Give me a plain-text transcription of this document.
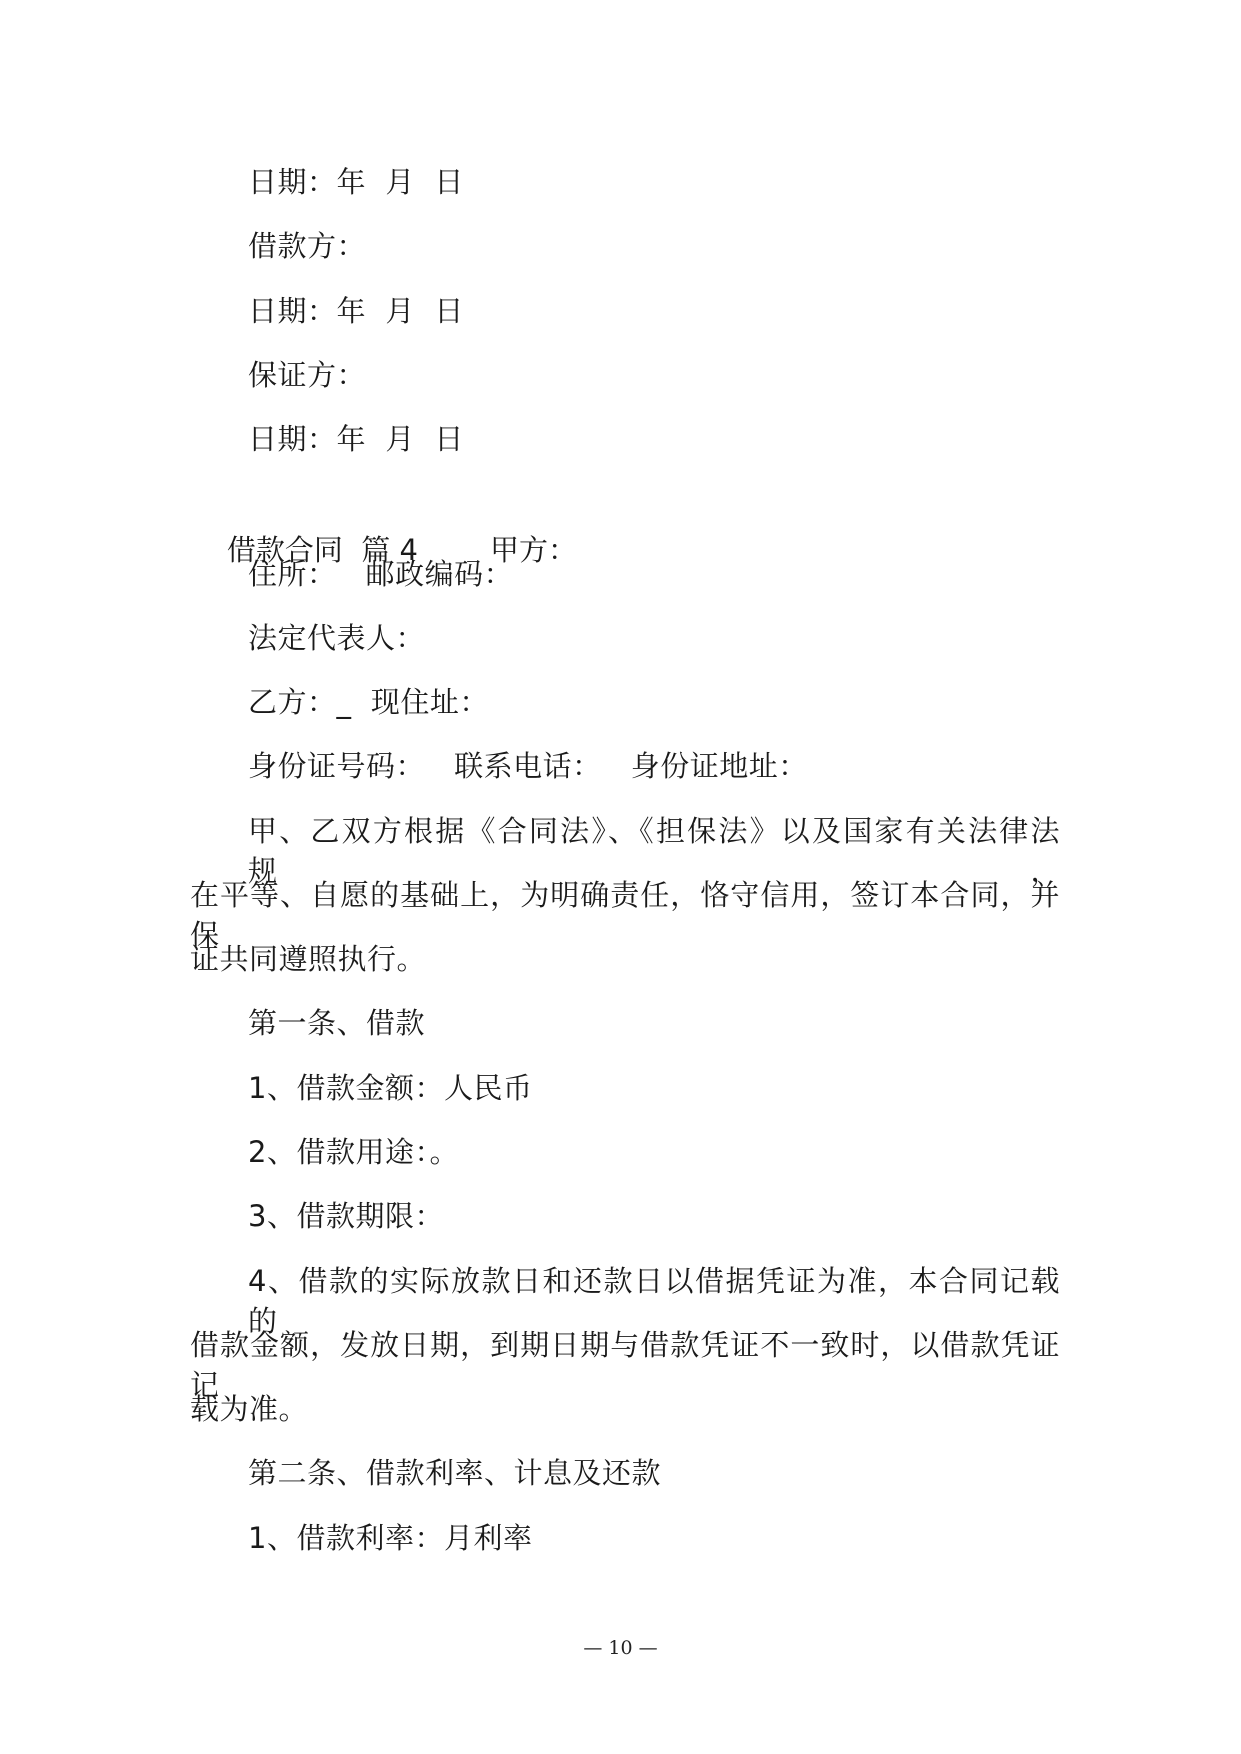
日期：年  月  日
借款方：
日期：年  月  日
保证方：
日期：年  月  日

借款合同  篇 4 甲方：

住所：   邮政编码：
法定代表人：
乙方：_  现住址：
身份证号码：   联系电话：   身份证地址：
甲、乙双方根据《合同法》、《担保法》以及国家有关法律法规，
在平等、自愿的基础上，为明确责任，恪守信用，签订本合同，并保
证共同遵照执行。
第一条、借款
1、借款金额：人民币
2、借款用途：。
3、借款期限：
4、借款的实际放款日和还款日以借据凭证为准，本合同记载的
借款金额，发放日期，到期日期与借款凭证不一致时，以借款凭证记
载为准。
第二条、借款利率、计息及还款
1、借款利率：月利率
— 10 —
